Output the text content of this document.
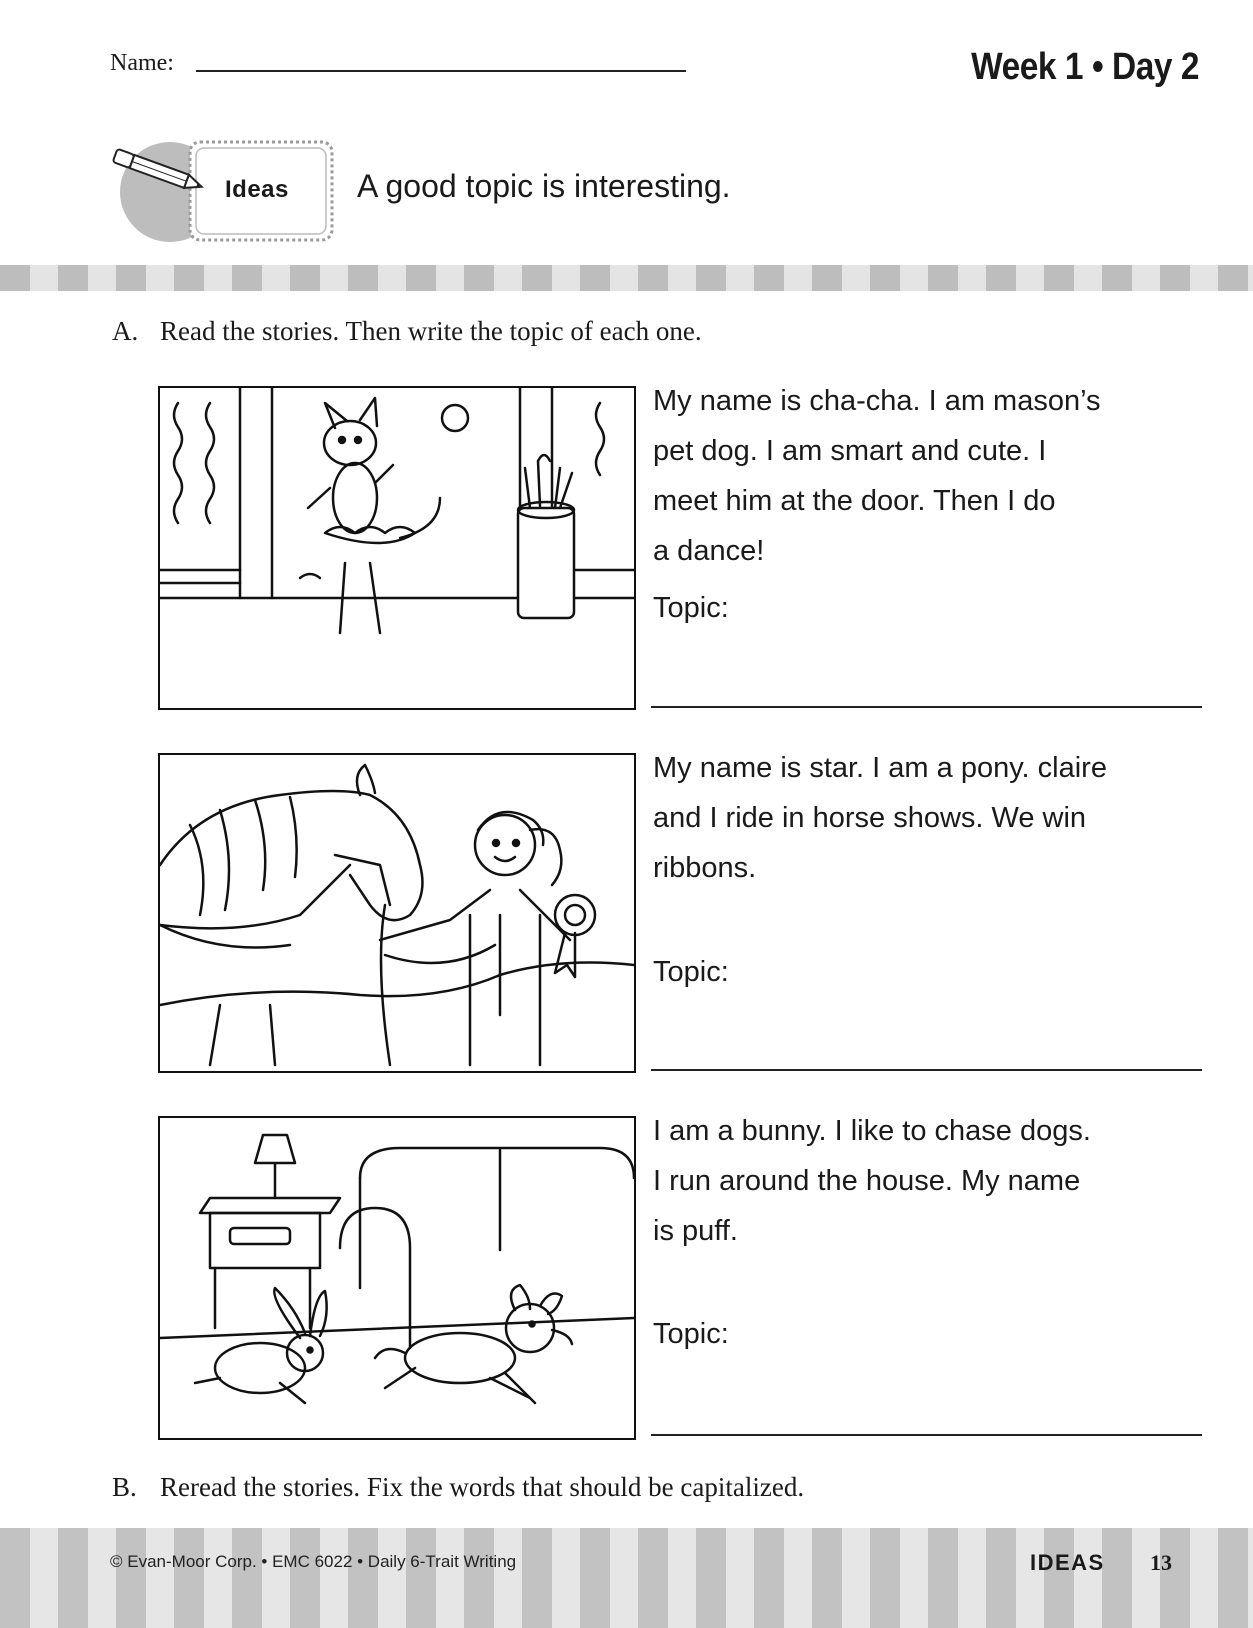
Name:	Week 1 • Day 2
Ideas A good topic is interesting.
A. Read the stories. Then write the topic of each one.
My name is cha-cha. I am mason’s
pet dog. I am smart and cute. I
meet him at the door. Then I do
a dance!
Topic:
My name is star. I am a pony. claire
and I ride in horse shows. We win
ribbons.
Topic:
I am a bunny. I like to chase dogs.
I run around the house. My name
is puff.
Topic:
B. Reread the stories. Fix the words that should be capitalized.
© Evan-Moor Corp. • EMC 6022 • Daily 6-Trait Writing	IDEAS 13
